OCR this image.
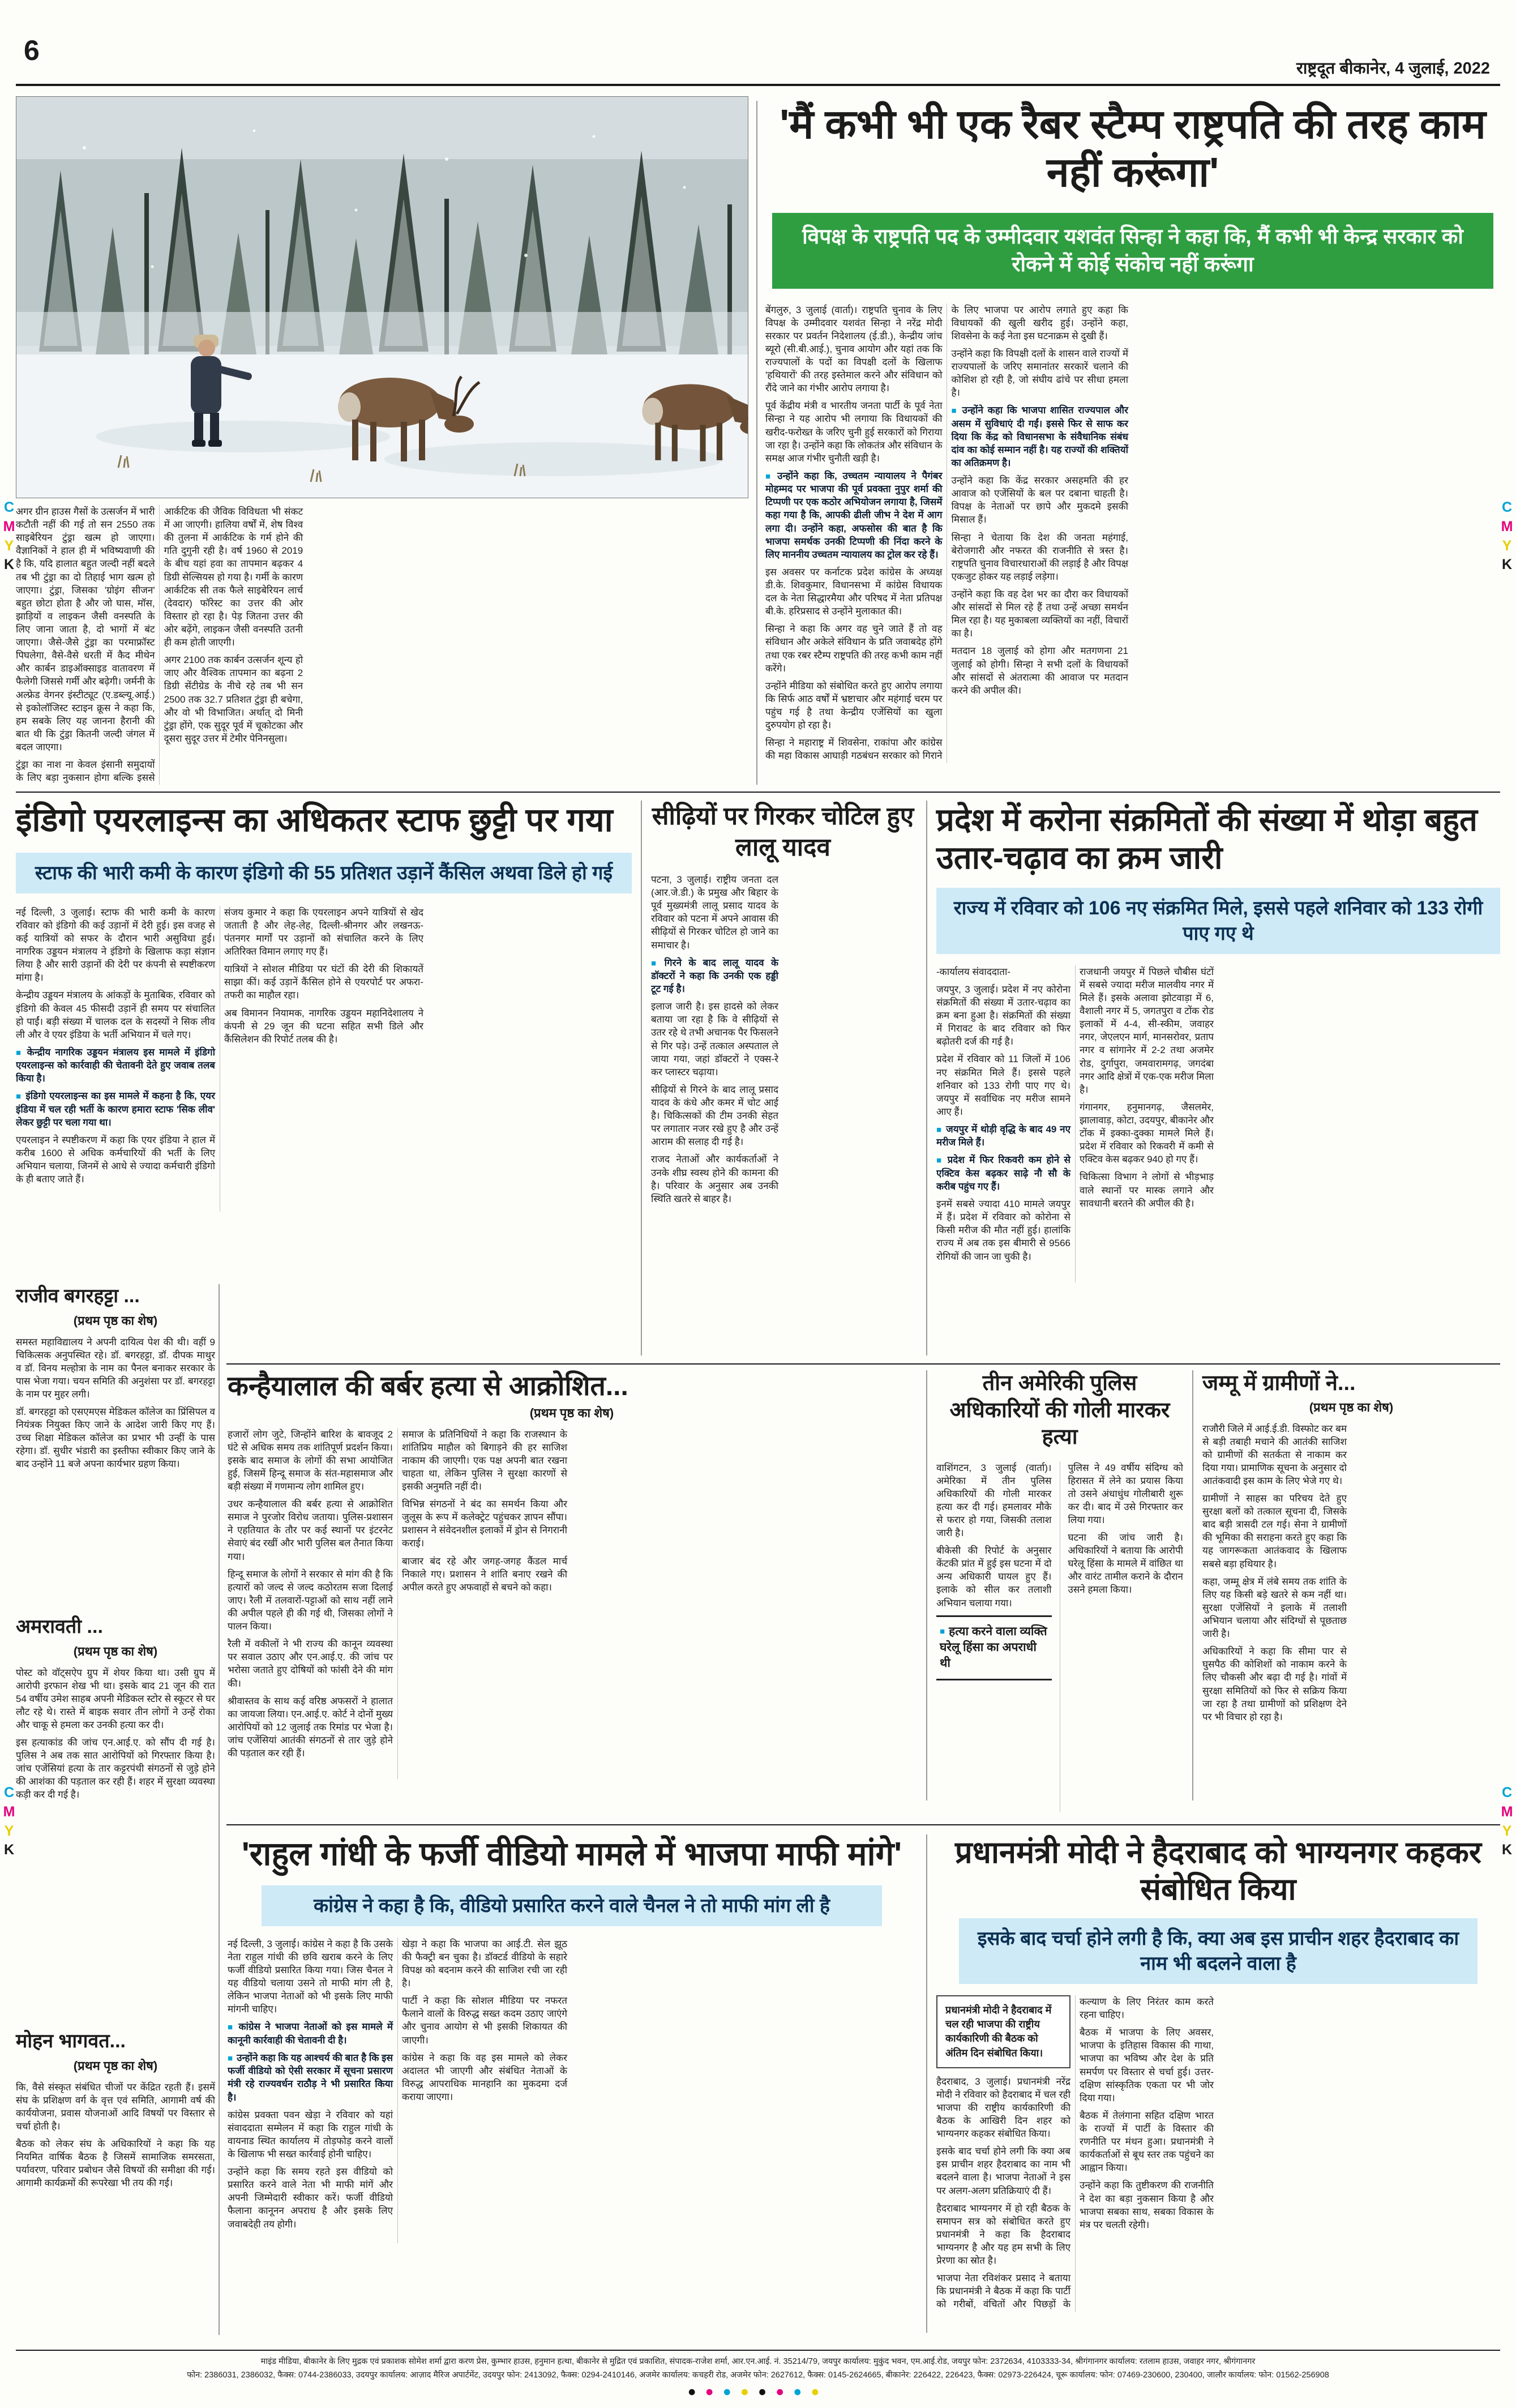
6
राष्ट्रदूत बीकानेर, 4 जुलाई, 2022
C
M
Y
K
C
M
Y
K
C
M
Y
K
C
M
Y
K

अगर ग्रीन हाउस गैसों के उत्सर्जन में भारी कटौती नहीं की गई तो सन 2550 तक साइबेरियन टुंड्रा खत्म हो जाएगा। वैज्ञानिकों ने हाल ही में भविष्यवाणी की है कि, यदि हालात बहुत जल्दी नहीं बदले तब भी टुंड्रा का दो तिहाई भाग खत्म हो जाएगा। टुंड्रा, जिसका 'ग्रोइंग सीजन' बहुत छोटा होता है और जो घास, मॉस, झाड़ियों व लाइकन जैसी वनस्पति के लिए जाना जाता है, दो भागों में बंट जाएगा। जैसे-जैसे टुंड्रा का परमाफ्रॉस्ट पिघलेगा, वैसे-वैसे धरती में कैद मीथेन और कार्बन डाइऑक्साइड वातावरण में फैलेगी जिससे गर्मी और बढ़ेगी। जर्मनी के अल्फ्रेड वेगनर इंस्टीट्यूट (ए.डब्ल्यू.आई.) से इकोलॉजिस्ट स्टाइन क्रूस ने कहा कि, हम सबके लिए यह जानना हैरानी की बात थी कि टुंड्रा कितनी जल्दी जंगल में बदल जाएगा।

टुंड्रा का नाश ना केवल इंसानी समुदायों के लिए बड़ा नुकसान होगा बल्कि इससे आर्कटिक की जैविक विविधता भी संकट में आ जाएगी। हालिया वर्षों में, शेष विश्व की तुलना में आर्कटिक के गर्म होने की गति दुगुनी रही है। वर्ष 1960 से 2019 के बीच यहां हवा का तापमान बढ़कर 4 डिग्री सेल्सियस हो गया है। गर्मी के कारण आर्कटिक सी तक फैले साइबेरियन लार्च (देवदार) फॉरेस्ट का उत्तर की ओर विस्तार हो रहा है। पेड़ जितना उत्तर की ओर बढ़ेंगे, लाइकन जैसी वनस्पति उतनी ही कम होती जाएगी।

अगर 2100 तक कार्बन उत्सर्जन शून्य हो जाए और वैश्विक तापमान का बढ़ना 2 डिग्री सेंटीग्रेड के नीचे रहे तब भी सन 2500 तक 32.7 प्रतिशत टुंड्रा ही बचेगा, और वो भी विभाजित। अर्थात् दो मिनी टुंड्रा होंगे, एक सुदूर पूर्व में चूकोटका और दूसरा सुदूर उत्तर में टेमीर पेनिनसुला।

'मैं कभी भी एक रैबर स्टैम्प राष्ट्रपति की तरह काम नहीं करूंगा'
विपक्ष के राष्ट्रपति पद के उम्मीदवार यशवंत सिन्हा ने कहा कि, मैं कभी भी केन्द्र सरकार को रोकने में कोई संकोच नहीं करूंगा

बेंगलुरु, 3 जुलाई (वार्ता)। राष्ट्रपति चुनाव के लिए विपक्ष के उम्मीदवार यशवंत सिन्हा ने नरेंद्र मोदी सरकार पर प्रवर्तन निदेशालय (ई.डी.), केन्द्रीय जांच ब्यूरो (सी.बी.आई.), चुनाव आयोग और यहां तक कि राज्यपालों के पदों का विपक्षी दलों के खिलाफ 'हथियारों' की तरह इस्तेमाल करने और संविधान को रौंदे जाने का गंभीर आरोप लगाया है।

पूर्व केंद्रीय मंत्री व भारतीय जनता पार्टी के पूर्व नेता सिन्हा ने यह आरोप भी लगाया कि विधायकों की खरीद-फरोख्त के जरिए चुनी हुई सरकारों को गिराया जा रहा है। उन्होंने कहा कि लोकतंत्र और संविधान के समक्ष आज गंभीर चुनौती खड़ी है।

■ उन्होंने कहा कि, उच्चतम न्यायालय ने पैगंबर मोहम्मद पर भाजपा की पूर्व प्रवक्ता नुपुर शर्मा की टिप्पणी पर एक कठोर अभियोजन लगाया है, जिसमें कहा गया है कि, आपकी ढीली जीभ ने देश में आग लगा दी। उन्होंने कहा, अफसोस की बात है कि भाजपा समर्थक उनकी टिप्पणी की निंदा करने के लिए माननीय उच्चतम न्यायालय का ट्रोल कर रहे हैं।

इस अवसर पर कर्नाटक प्रदेश कांग्रेस के अध्यक्ष डी.के. शिवकुमार, विधानसभा में कांग्रेस विधायक दल के नेता सिद्धारमैया और परिषद में नेता प्रतिपक्ष बी.के. हरिप्रसाद से उन्होंने मुलाकात की।

सिन्हा ने कहा कि अगर वह चुने जाते हैं तो वह संविधान और अकेले संविधान के प्रति जवाबदेह होंगे तथा एक रबर स्टैम्प राष्ट्रपति की तरह कभी काम नहीं करेंगे।

उन्होंने मीडिया को संबोधित करते हुए आरोप लगाया कि सिर्फ आठ वर्षों में भ्रष्टाचार और महंगाई चरम पर पहुंच गई है तथा केन्द्रीय एजेंसियों का खुला दुरुपयोग हो रहा है।

सिन्हा ने महाराष्ट्र में शिवसेना, राकांपा और कांग्रेस की महा विकास आघाड़ी गठबंधन सरकार को गिराने के लिए भाजपा पर आरोप लगाते हुए कहा कि विधायकों की खुली खरीद हुई। उन्होंने कहा, शिवसेना के कई नेता इस घटनाक्रम से दुखी हैं।

उन्होंने कहा कि विपक्षी दलों के शासन वाले राज्यों में राज्यपालों के जरिए समानांतर सरकारें चलाने की कोशिश हो रही है, जो संघीय ढांचे पर सीधा हमला है।

■ उन्होंने कहा कि भाजपा शासित राज्यपाल और असम में सुविधाएं दी गईं। इससे फिर से साफ कर दिया कि केंद्र को विधानसभा के संवैधानिक संबंध दांव का कोई सम्मान नहीं है। यह राज्यों की शक्तियों का अतिक्रमण है।

उन्होंने कहा कि केंद्र सरकार असहमति की हर आवाज को एजेंसियों के बल पर दबाना चाहती है। विपक्ष के नेताओं पर छापे और मुकदमे इसकी मिसाल हैं।

सिन्हा ने चेताया कि देश की जनता महंगाई, बेरोजगारी और नफरत की राजनीति से त्रस्त है। राष्ट्रपति चुनाव विचारधाराओं की लड़ाई है और विपक्ष एकजुट होकर यह लड़ाई लड़ेगा।

उन्होंने कहा कि वह देश भर का दौरा कर विधायकों और सांसदों से मिल रहे हैं तथा उन्हें अच्छा समर्थन मिल रहा है। यह मुकाबला व्यक्तियों का नहीं, विचारों का है।

मतदान 18 जुलाई को होगा और मतगणना 21 जुलाई को होगी। सिन्हा ने सभी दलों के विधायकों और सांसदों से अंतरात्मा की आवाज पर मतदान करने की अपील की।

इंडिगो एयरलाइन्स का अधिकतर स्टाफ छुट्टी पर गया
स्टाफ की भारी कमी के कारण इंडिगो की 55 प्रतिशत उड़ानें कैंसिल अथवा डिले हो गई

नई दिल्ली, 3 जुलाई। स्टाफ की भारी कमी के कारण रविवार को इंडिगो की कई उड़ानों में देरी हुई। इस वजह से कई यात्रियों को सफर के दौरान भारी असुविधा हुई। नागरिक उड्डयन मंत्रालय ने इंडिगो के खिलाफ कड़ा संज्ञान लिया है और सारी उड़ानों की देरी पर कंपनी से स्पष्टीकरण मांगा है।

केन्द्रीय उड्डयन मंत्रालय के आंकड़ों के मुताबिक, रविवार को इंडिगो की केवल 45 फीसदी उड़ानें ही समय पर संचालित हो पाईं। बड़ी संख्या में चालक दल के सदस्यों ने सिक लीव ली और वे एयर इंडिया के भर्ती अभियान में चले गए।

■ केन्द्रीय नागरिक उड्डयन मंत्रालय इस मामले में इंडिगो एयरलाइन्स को कार्रवाही की चेतावनी देते हुए जवाब तलब किया है।

■ इंडिगो एयरलाइन्स का इस मामले में कहना है कि, एयर इंडिया में चल रही भर्ती के कारण हमारा स्टाफ 'सिक लीव' लेकर छुट्टी पर चला गया था।

एयरलाइन ने स्पष्टीकरण में कहा कि एयर इंडिया ने हाल में करीब 1600 से अधिक कर्मचारियों की भर्ती के लिए अभियान चलाया, जिनमें से आधे से ज्यादा कर्मचारी इंडिगो के ही बताए जाते हैं।

संजय कुमार ने कहा कि एयरलाइन अपने यात्रियों से खेद जताती है और लेह-लेह, दिल्ली-श्रीनगर और लखनऊ-पंतनगर मार्गों पर उड़ानों को संचालित करने के लिए अतिरिक्त विमान लगाए गए हैं।

यात्रियों ने सोशल मीडिया पर घंटों की देरी की शिकायतें साझा कीं। कई उड़ानें कैंसिल होने से एयरपोर्ट पर अफरा-तफरी का माहौल रहा।

अब विमानन नियामक, नागरिक उड्डयन महानिदेशालय ने कंपनी से 29 जून की घटना सहित सभी डिले और कैंसिलेशन की रिपोर्ट तलब की है।

सीढ़ियों पर गिरकर चोटिल हुए लालू यादव

पटना, 3 जुलाई। राष्ट्रीय जनता दल (आर.जे.डी.) के प्रमुख और बिहार के पूर्व मुख्यमंत्री लालू प्रसाद यादव के रविवार को पटना में अपने आवास की सीढ़ियों से गिरकर चोटिल हो जाने का समाचार है।

■ गिरने के बाद लालू यादव के डॉक्टरों ने कहा कि उनकी एक हड्डी टूट गई है।

इलाज जारी है। इस हादसे को लेकर बताया जा रहा है कि वे सीढ़ियों से उतर रहे थे तभी अचानक पैर फिसलने से गिर पड़े। उन्हें तत्काल अस्पताल ले जाया गया, जहां डॉक्टरों ने एक्स-रे कर प्लास्टर चढ़ाया।

सीढ़ियों से गिरने के बाद लालू प्रसाद यादव के कंधे और कमर में चोट आई है। चिकित्सकों की टीम उनकी सेहत पर लगातार नजर रखे हुए है और उन्हें आराम की सलाह दी गई है।

राजद नेताओं और कार्यकर्ताओं ने उनके शीघ्र स्वस्थ होने की कामना की है। परिवार के अनुसार अब उनकी स्थिति खतरे से बाहर है।

प्रदेश में करोना संक्रमितों की संख्या में थोड़ा बहुत उतार-चढ़ाव का क्रम जारी
राज्य में रविवार को 106 नए संक्रमित मिले, इससे पहले शनिवार को 133 रोगी पाए गए थे

-कार्यालय संवाददाता-

जयपुर, 3 जुलाई। प्रदेश में नए कोरोना संक्रमितों की संख्या में उतार-चढ़ाव का क्रम बना हुआ है। संक्रमितों की संख्या में गिरावट के बाद रविवार को फिर बढ़ोतरी दर्ज की गई है।

प्रदेश में रविवार को 11 जिलों में 106 नए संक्रमित मिले हैं। इससे पहले शनिवार को 133 रोगी पाए गए थे। जयपुर में सर्वाधिक नए मरीज सामने आए हैं।

■ जयपुर में थोड़ी वृद्धि के बाद 49 नए मरीज मिले हैं।

■ प्रदेश में फिर रिकवरी कम होने से एक्टिव केस बढ़कर साढ़े नौ सौ के करीब पहुंच गए हैं।

इनमें सबसे ज्यादा 410 मामले जयपुर में हैं। प्रदेश में रविवार को कोरोना से किसी मरीज की मौत नहीं हुई। हालांकि राज्य में अब तक इस बीमारी से 9566 रोगियों की जान जा चुकी है।

रा‌जधानी जयपुर में पिछले चौबीस घंटों में सबसे ज्यादा मरीज मालवीय नगर में मिले हैं। इसके अलावा झोटवाड़ा में 6, वैशाली नगर में 5, जगतपुरा व टोंक रोड इलाकों में 4-4, सी-स्कीम, जवाहर नगर, जेएलएन मार्ग, मानसरोवर, प्रताप नगर व सांगानेर में 2-2 तथा अजमेर रोड, दुर्गापुरा, जमवारामगढ़, जगदंबा नगर आदि क्षेत्रों में एक-एक मरीज मिला है।

गंगानगर, हनुमानगढ़, जैसलमेर, झालावाड़, कोटा, उदयपुर, बीकानेर और टोंक में इक्का-दुक्का मामले मिले हैं। प्रदेश में रविवार को रिकवरी में कमी से एक्टिव केस बढ़कर 940 हो गए हैं।

चिकित्सा विभाग ने लोगों से भीड़भाड़ वाले स्थानों पर मास्क लगाने और सावधानी बरतने की अपील की है।

राजीव बगरहट्टा ...
(प्रथम पृष्ठ का शेष)

समस्त महाविद्यालय ने अपनी दायित्व पेश की थी। वहीं 9 चिकित्सक अनुपस्थित रहे। डॉ. बगरहट्टा, डॉ. दीपक माथुर व डॉ. विनय मल्होत्रा के नाम का पैनल बनाकर सरकार के पास भेजा गया। चयन समिति की अनुशंसा पर डॉ. बगरहट्टा के नाम पर मुहर लगी।

डॉ. बगरहट्टा को एसएमएस मेडिकल कॉलेज का प्रिंसिपल व नियंत्रक नियुक्त किए जाने के आदेश जारी किए गए हैं। उच्च शिक्षा मेडिकल कॉलेज का प्रभार भी उन्हीं के पास रहेगा। डॉ. सुधीर भंडारी का इस्तीफा स्वीकार किए जाने के बाद उन्होंने 11 बजे अपना कार्यभार ग्रहण किया।

अमरावती ...
(प्रथम पृष्ठ का शेष)

पोस्ट को वॉट्सऐप ग्रुप में शेयर किया था। उसी ग्रुप में आरोपी इरफान शेख भी था। इसके बाद 21 जून की रात 54 वर्षीय उमेश साहब अपनी मेडिकल स्टोर से स्कूटर से घर लौट रहे थे। रास्ते में बाइक सवार तीन लोगों ने उन्हें रोका और चाकू से हमला कर उनकी हत्या कर दी।

इस हत्याकांड की जांच एन.आई.ए. को सौंप दी गई है। पुलिस ने अब तक सात आरोपियों को गिरफ्तार किया है। जांच एजेंसियां हत्या के तार कट्टरपंथी संगठनों से जुड़े होने की आशंका की पड़ताल कर रही हैं। शहर में सुरक्षा व्यवस्था कड़ी कर दी गई है।

मोहन भागवत...
(प्रथम पृष्ठ का शेष)

कि, वैसे संस्कृत संबंधित चीजों पर केंद्रित रहती हैं। इसमें संघ के प्रशिक्षण वर्ग के वृत्त एवं समिति, आगामी वर्ष की कार्ययोजना, प्रवास योजनाओं आदि विषयों पर विस्तार से चर्चा होती है।

बैठक को लेकर संघ के अधिकारियों ने कहा कि यह नियमित वार्षिक बैठक है जिसमें सामाजिक समरसता, पर्यावरण, परिवार प्रबोधन जैसे विषयों की समीक्षा की गई। आगामी कार्यक्रमों की रूपरेखा भी तय की गई।

कन्हैयालाल की बर्बर हत्या से आक्रोशित...
(प्रथम पृष्ठ का शेष)

हजारों लोग जुटे, जिन्होंने बारिश के बावजूद 2 घंटे से अधिक समय तक शांतिपूर्ण प्रदर्शन किया। इसके बाद समाज के लोगों की सभा आयोजित हुई, जिसमें हिन्दू समाज के संत-महासमाज और बड़ी संख्या में गणमान्य लोग शामिल हुए।

उधर कन्हैयालाल की बर्बर हत्या से आक्रोशित समाज ने पुरजोर विरोध जताया। पुलिस-प्रशासन ने एहतियात के तौर पर कई स्थानों पर इंटरनेट सेवाएं बंद रखीं और भारी पुलिस बल तैनात किया गया।

हिन्दू समाज के लोगों ने सरकार से मांग की है कि हत्यारों को जल्द से जल्द कठोरतम सजा दिलाई जाए। रैली में तलवारों-पट्टाओं को साथ नहीं लाने की अपील पहले ही की गई थी, जिसका लोगों ने पालन किया।

रैली में वकीलों ने भी राज्य की कानून व्यवस्था पर सवाल उठाए और एन.आई.ए. की जांच पर भरोसा जताते हुए दोषियों को फांसी देने की मांग की।

श्रीवास्तव के साथ कई वरिष्ठ अफसरों ने हालात का जायजा लिया। एन.आई.ए. कोर्ट ने दोनों मुख्य आरोपियों को 12 जुलाई तक रिमांड पर भेजा है। जांच एजेंसियां आतंकी संगठनों से तार जुड़े होने की पड़ताल कर रही हैं।

समाज के प्रतिनिधियों ने कहा कि राजस्थान के शांतिप्रिय माहौल को बिगाड़ने की हर साजिश नाकाम की जाएगी। एक पक्ष अपनी बात रखना चाहता था, लेकिन पुलिस ने सुरक्षा कारणों से इसकी अनुमति नहीं दी।

विभिन्न संगठनों ने बंद का समर्थन किया और जुलूस के रूप में कलेक्ट्रेट पहुंचकर ज्ञापन सौंपा। प्रशासन ने संवेदनशील इलाकों में ड्रोन से निगरानी कराई।

बाजार बंद रहे और जगह-जगह कैंडल मार्च निकाले गए। प्रशासन ने शांति बनाए रखने की अपील करते हुए अफवाहों से बचने को कहा।

तीन अमेरिकी पुलिस अधिकारियों की गोली मारकर हत्या

वाशिंगटन, 3 जुलाई (वार्ता)। अमेरिका में तीन पुलिस अधिकारियों की गोली मारकर हत्या कर दी गई। हमलावर मौके से फरार हो गया, जिसकी तलाश जारी है।

बीकेसी की रिपोर्ट के अनुसार केंटकी प्रांत में हुई इस घटना में दो अन्य अधिकारी घायल हुए हैं। इलाके को सील कर तलाशी अभियान चलाया गया।

■ हत्या करने वाला व्यक्ति घरेलू हिंसा का अपराधी थी

पुलिस ने 49 वर्षीय संदिग्ध को हिरासत में लेने का प्रयास किया तो उसने अंधाधुंध गोलीबारी शुरू कर दी। बाद में उसे गिरफ्तार कर लिया गया।

घटना की जांच जारी है। अधिकारियों ने बताया कि आरोपी घरेलू हिंसा के मामले में वांछित था और वारंट तामील कराने के दौरान उसने हमला किया।

जम्मू में ग्रामीणों ने...
(प्रथम पृष्ठ का शेष)

राजौरी जिले में आई.ई.डी. विस्फोट कर बम से बड़ी तबाही मचाने की आतंकी साजिश को ग्रामीणों की सतर्कता से नाकाम कर दिया गया। प्रामाणिक सूचना के अनुसार दो आतंकवादी इस काम के लिए भेजे गए थे।

ग्रामीणों ने साहस का परिचय देते हुए सुरक्षा बलों को तत्काल सूचना दी, जिसके बाद बड़ी त्रासदी टल गई। सेना ने ग्रामीणों की भूमिका की सराहना करते हुए कहा कि यह जागरूकता आतंकवाद के खिलाफ सबसे बड़ा हथियार है।

कहा, जम्मू क्षेत्र में लंबे समय तक शांति के लिए यह किसी बड़े खतरे से कम नहीं था। सुरक्षा एजेंसियों ने इलाके में तलाशी अभियान चलाया और संदिग्धों से पूछताछ जारी है।

अधिकारियों ने कहा कि सीमा पार से घुसपैठ की कोशिशों को नाकाम करने के लिए चौकसी और बढ़ा दी गई है। गांवों में सुरक्षा समितियों को फिर से सक्रिय किया जा रहा है तथा ग्रामीणों को प्रशिक्षण देने पर भी विचार हो रहा है।

'राहुल गांधी के फर्जी वीडियो मामले में भाजपा माफी मांगे'
कांग्रेस ने कहा है कि, वीडियो प्रसारित करने वाले चैनल ने तो माफी मांग ली है

नई दिल्ली, 3 जुलाई। कांग्रेस ने कहा है कि उसके नेता राहुल गांधी की छवि खराब करने के लिए फर्जी वीडियो प्रसारित किया गया। जिस चैनल ने यह वीडियो चलाया उसने तो माफी मांग ली है, लेकिन भाजपा नेताओं को भी इसके लिए माफी मांगनी चाहिए।

■ कांग्रेस ने भाजपा नेताओं को इस मामले में कानूनी कार्रवाही की चेतावनी दी है।

■ उन्होंने कहा कि यह आश्चर्य की बात है कि इस फर्जी वीडियो को ऐसी सरकार में सूचना प्रसारण मंत्री रहे राज्यवर्धन राठौड़ ने भी प्रसारित किया है।

कांग्रेस प्रवक्ता पवन खेड़ा ने रविवार को यहां संवाददाता सम्मेलन में कहा कि राहुल गांधी के वायनाड स्थित कार्यालय में तोड़फोड़ करने वालों के खिलाफ भी सख्त कार्रवाई होनी चाहिए।

उन्होंने कहा कि समय रहते इस वीडियो को प्रसारित करने वाले नेता भी माफी मांगें और अपनी जिम्मेदारी स्वीकार करें। फर्जी वीडियो फैलाना कानूनन अपराध है और इसके लिए जवाबदेही तय होगी।

खेड़ा ने कहा कि भाजपा का आई.टी. सेल झूठ की फैक्ट्री बन चुका है। डॉक्टर्ड वीडियो के सहारे विपक्ष को बदनाम करने की साजिश रची जा रही है।

पार्टी ने कहा कि सोशल मीडिया पर नफरत फैलाने वालों के विरुद्ध सख्त कदम उठाए जाएंगे और चुनाव आयोग से भी इसकी शिकायत की जाएगी।

कांग्रेस ने कहा कि वह इस मामले को लेकर अदालत भी जाएगी और संबंधित नेताओं के विरुद्ध आपराधिक मानहानि का मुकदमा दर्ज कराया जाएगा।

प्रधानमंत्री मोदी ने हैदराबाद को भाग्यनगर कहकर संबोधित किया
इसके बाद चर्चा होने लगी है कि, क्या अब इस प्राचीन शहर हैदराबाद का नाम भी बदलने वाला है
प्रधानमंत्री मोदी ने हैदराबाद में चल रही भाजपा की राष्ट्रीय कार्यकारिणी की बैठक को अंतिम दिन संबोधित किया।

हैदराबाद, 3 जुलाई। प्रधानमंत्री नरेंद्र मोदी ने रविवार को हैदराबाद में चल रही भाजपा की राष्ट्रीय कार्यकारिणी की बैठक के आखिरी दिन शहर को भाग्यनगर कहकर संबोधित किया।

इसके बाद चर्चा होने लगी कि क्या अब इस प्राचीन शहर हैदराबाद का नाम भी बदलने वाला है। भाजपा नेताओं ने इस पर अलग-अलग प्रतिक्रियाएं दी हैं।

हैदराबाद भाग्यनगर में हो रही बैठक के समापन सत्र को संबोधित करते हुए प्रधानमंत्री ने कहा कि हैदराबाद भाग्यनगर है और यह हम सभी के लिए प्रेरणा का स्रोत है।

भाजपा नेता रविशंकर प्रसाद ने बताया कि प्रधानमंत्री ने बैठक में कहा कि पार्टी को गरीबों, वंचितों और पिछड़ों के कल्याण के लिए निरंतर काम करते रहना चाहिए।

बैठक में भाजपा के लिए अवसर, भाजपा के इतिहास विकास की गाथा, भाजपा का भविष्य और देश के प्रति समर्पण पर विस्तार से चर्चा हुई। उत्तर-दक्षिण सांस्कृतिक एकता पर भी जोर दिया गया।

बैठक में तेलंगाना सहित दक्षिण भारत के राज्यों में पार्टी के विस्तार की रणनीति पर मंथन हुआ। प्रधानमंत्री ने कार्यकर्ताओं से बूथ स्तर तक पहुंचने का आह्वान किया।

उन्होंने कहा कि तुष्टीकरण की राजनीति ने देश का बड़ा नुकसान किया है और भाजपा सबका साथ, सबका विकास के मंत्र पर चलती रहेगी।

माइंड मीडिया, बीकानेर के लिए मुद्रक एवं प्रकाशक सोमेश शर्मा द्वारा करण प्रेस, कुम्भार हाउस, हनुमान हत्था, बीकानेर से मुद्रित एवं प्रकाशित, संपादक-राजेश शर्मा, आर.एन.आई. नं. 35214/79, जयपुर कार्यालय: मुकुंद भवन, एम.आई.रोड, जयपुर फोन: 2372634, 4103333-34, श्रीगंगानगर कार्यालय: रतलाम हाउस, जवाहर नगर, श्रीगंगानगर
फोन: 2386031, 2386032, फैक्स: 0744-2386033, उदयपुर कार्यालय: आज़ाद मैरिज अपार्टमेंट, उदयपुर फोन: 2413092, फैक्स: 0294-2410146, अजमेर कार्यालय: कचहरी रोड, अजमेर फोन: 2627612, फैक्स: 0145-2624665, बीकानेर: 226422, 226423, फैक्स: 02973-226424, चूरू कार्यालय: फोन: 07469-230600, 230400, जालौर कार्यालय: फोन: 01562-256908
●●●●●●●●
